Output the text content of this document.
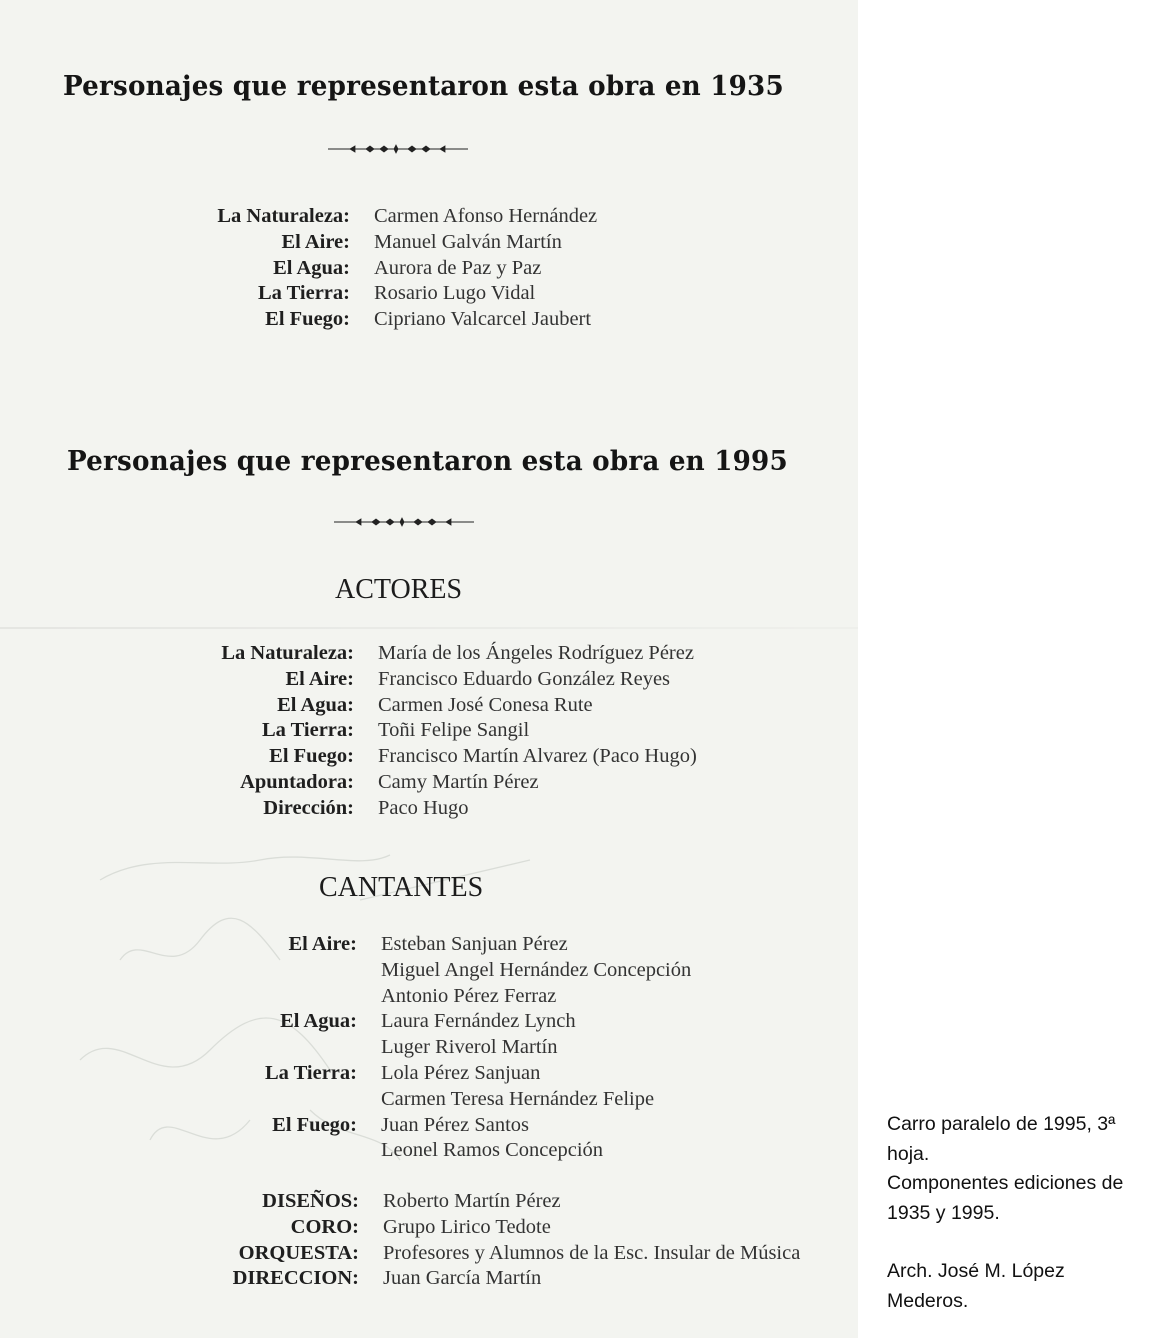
Personajes que representaron esta obra en 1935
La Naturaleza: Carmen Afonso Hernández
El Aire: Manuel Galván Martín
El Agua: Aurora de Paz y Paz
La Tierra: Rosario Lugo Vidal
El Fuego: Cipriano Valcarcel Jaubert
Personajes que representaron esta obra en 1995
ACTORES
La Naturaleza: María de los Ángeles Rodríguez Pérez
El Aire: Francisco Eduardo González Reyes
El Agua: Carmen José Conesa Rute
La Tierra: Toñi Felipe Sangil
El Fuego: Francisco Martín Alvarez (Paco Hugo)
Apuntadora: Camy Martín Pérez
Dirección: Paco Hugo
CANTANTES
El Aire: Esteban Sanjuan Pérez
Miguel Angel Hernández Concepción
Antonio Pérez Ferraz
El Agua: Laura Fernández Lynch
Luger Riverol Martín
La Tierra: Lola Pérez Sanjuan
Carmen Teresa Hernández Felipe
El Fuego: Juan Pérez Santos
Leonel Ramos Concepción
DISEÑOS: Roberto Martín Pérez
CORO: Grupo Lirico Tedote
ORQUESTA: Profesores y Alumnos de la Esc. Insular de Música
DIRECCION: Juan García Martín
Carro paralelo de 1995, 3ª
hoja.
Componentes ediciones de
1935 y 1995.
Arch. José M. López
Mederos.
